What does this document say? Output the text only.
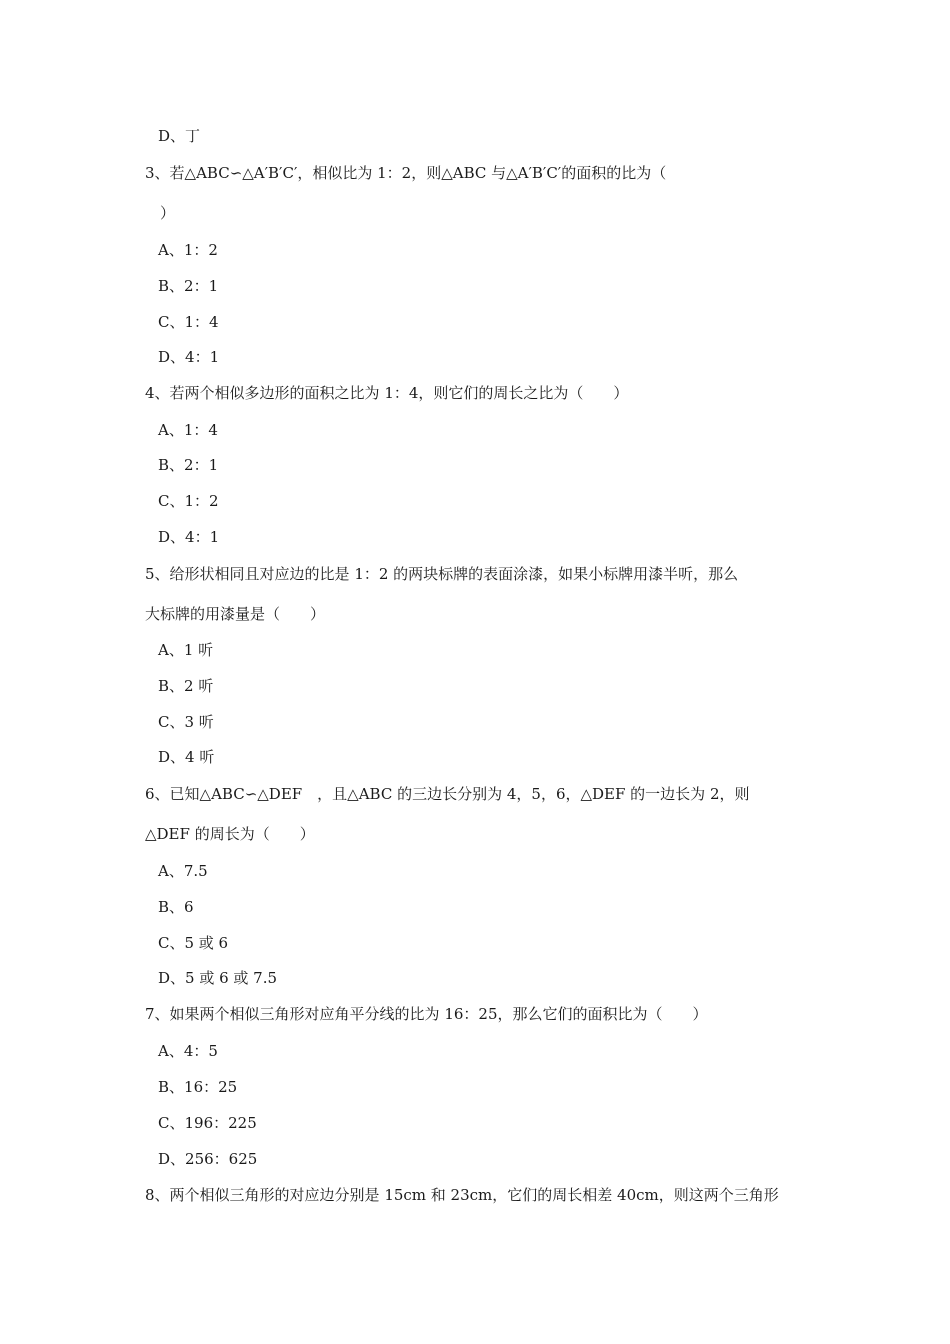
D、丁
3、若△ABC∽△A′B′C′，相似比为 1：2，则△ABC 与△A′B′C′的面积的比为（
　）
A、1：2
B、2：1
C、1：4
D、4：1
4、若两个相似多边形的面积之比为 1：4，则它们的周长之比为（　　）
A、1：4
B、2：1
C、1：2
D、4：1
5、给形状相同且对应边的比是 1：2 的两块标牌的表面涂漆，如果小标牌用漆半听，那么
大标牌的用漆量是（　　）
A、1 听
B、2 听
C、3 听
D、4 听
6、已知△ABC∽△DEF　，且△ABC 的三边长分别为 4，5，6，△DEF 的一边长为 2，则
△DEF 的周长为（　　）
A、7.5
B、6
C、5 或 6
D、5 或 6 或 7.5
7、如果两个相似三角形对应角平分线的比为 16：25，那么它们的面积比为（　　）
A、4：5
B、16：25
C、196：225
D、256：625
8、两个相似三角形的对应边分别是 15cm 和 23cm，它们的周长相差 40cm，则这两个三角形
